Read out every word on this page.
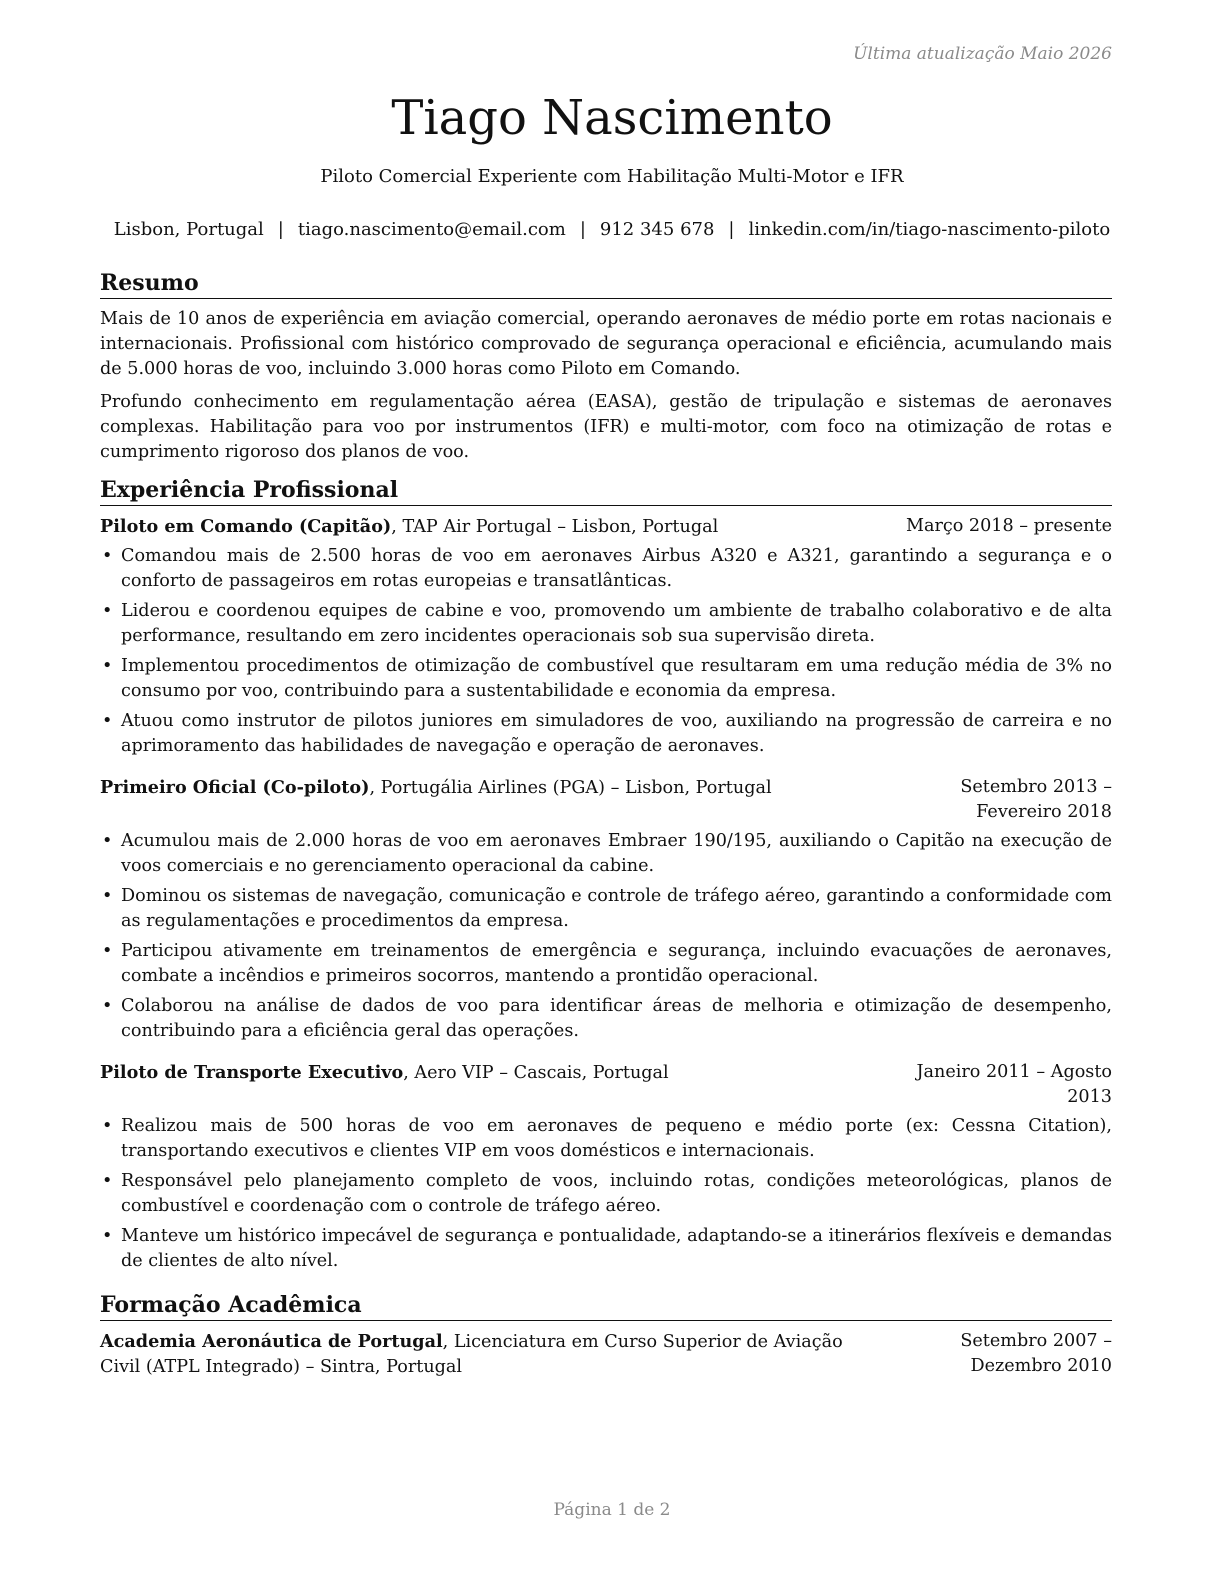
Última atualização Maio 2026
Tiago Nascimento
Piloto Comercial Experiente com Habilitação Multi-Motor e IFR
Lisbon, Portugal | tiago.nascimento@email.com | 912 345 678 | linkedin.com/in/tiago-nascimento-piloto
Resumo

Mais de 10 anos de experiência em aviação comercial, operando aeronaves de médio porte em rotas nacionais e internacionais. Profissional com histórico comprovado de segurança operacional e eficiência, acumulando mais de 5.000 horas de voo, incluindo 3.000 horas como Piloto em Comando.

Profundo conhecimento em regulamentação aérea (EASA), gestão de tripulação e sistemas de aeronaves complexas. Habilitação para voo por instrumentos (IFR) e multi-motor, com foco na otimização de rotas e cumprimento rigoroso dos planos de voo.

Experiência Profissional
Piloto em Comando (Capitão), TAP Air Portugal – Lisbon, Portugal	Março 2018 – presente
• Comandou mais de 2.500 horas de voo em aeronaves Airbus A320 e A321, garantindo a segurança e o conforto de passageiros em rotas europeias e transatlânticas.
• Liderou e coordenou equipes de cabine e voo, promovendo um ambiente de trabalho colaborativo e de alta performance, resultando em zero incidentes operacionais sob sua supervisão direta.
• Implementou procedimentos de otimização de combustível que resultaram em uma redução média de 3% no consumo por voo, contribuindo para a sustentabilidade e economia da empresa.
• Atuou como instrutor de pilotos juniores em simuladores de voo, auxiliando na progressão de carreira e no aprimoramento das habilidades de navegação e operação de aeronaves.
Primeiro Oficial (Co-piloto), Portugália Airlines (PGA) – Lisbon, Portugal	Setembro 2013 – Fevereiro 2018
• Acumulou mais de 2.000 horas de voo em aeronaves Embraer 190/195, auxiliando o Capitão na execução de voos comerciais e no gerenciamento operacional da cabine.
• Dominou os sistemas de navegação, comunicação e controle de tráfego aéreo, garantindo a conformidade com as regulamentações e procedimentos da empresa.
• Participou ativamente em treinamentos de emergência e segurança, incluindo evacuações de aeronaves, combate a incêndios e primeiros socorros, mantendo a prontidão operacional.
• Colaborou na análise de dados de voo para identificar áreas de melhoria e otimização de desempenho, contribuindo para a eficiência geral das operações.
Piloto de Transporte Executivo, Aero VIP – Cascais, Portugal	Janeiro 2011 – Agosto 2013
• Realizou mais de 500 horas de voo em aeronaves de pequeno e médio porte (ex: Cessna Citation), transportando executivos e clientes VIP em voos domésticos e internacionais.
• Responsável pelo planejamento completo de voos, incluindo rotas, condições meteorológicas, planos de combustível e coordenação com o controle de tráfego aéreo.
• Manteve um histórico impecável de segurança e pontualidade, adaptando-se a itinerários flexíveis e demandas de clientes de alto nível.
Formação Acadêmica
Academia Aeronáutica de Portugal, Licenciatura em Curso Superior de Aviação Civil (ATPL Integrado) – Sintra, Portugal
Setembro 2007 – Dezembro 2010
Página 1 de 2
